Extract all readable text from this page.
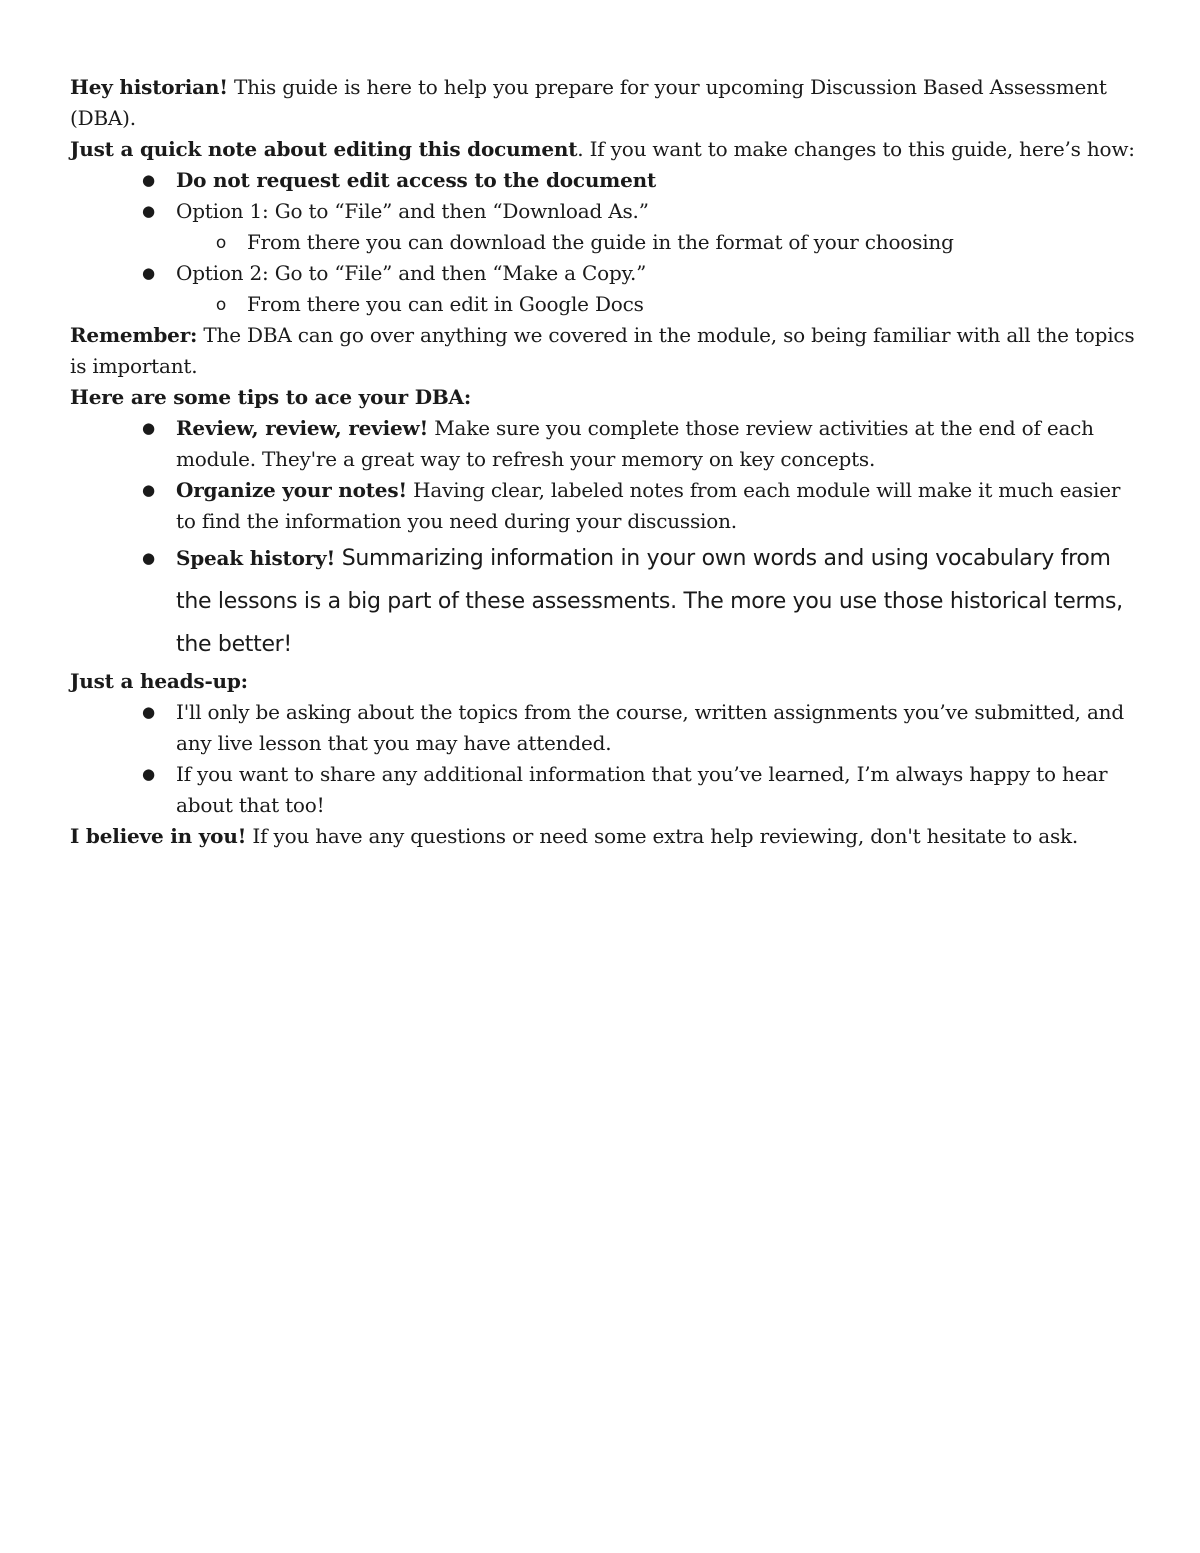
Hey historian! This guide is here to help you prepare for your upcoming Discussion Based Assessment (DBA).

Just a quick note about editing this document. If you want to make changes to this guide, here’s how:

● Do not request edit access to the document
● Option 1: Go to “File” and then “Download As.”
o From there you can download the guide in the format of your choosing
● Option 2: Go to “File” and then “Make a Copy.”
o From there you can edit in Google Docs

Remember: The DBA can go over anything we covered in the module, so being familiar with all the topics is important.

Here are some tips to ace your DBA:

● Review, review, review! Make sure you complete those review activities at the end of each module. They're a great way to refresh your memory on key concepts.
● Organize your notes! Having clear, labeled notes from each module will make it much easier to find the information you need during your discussion.
● Speak history! Summarizing information in your own words and using vocabulary from the lessons is a big part of these assessments. The more you use those historical terms, the better!

Just a heads-up:

● I'll only be asking about the topics from the course, written assignments you’ve submitted, and any live lesson that you may have attended.
● If you want to share any additional information that you’ve learned, I’m always happy to hear about that too!

I believe in you! If you have any questions or need some extra help reviewing, don't hesitate to ask.
